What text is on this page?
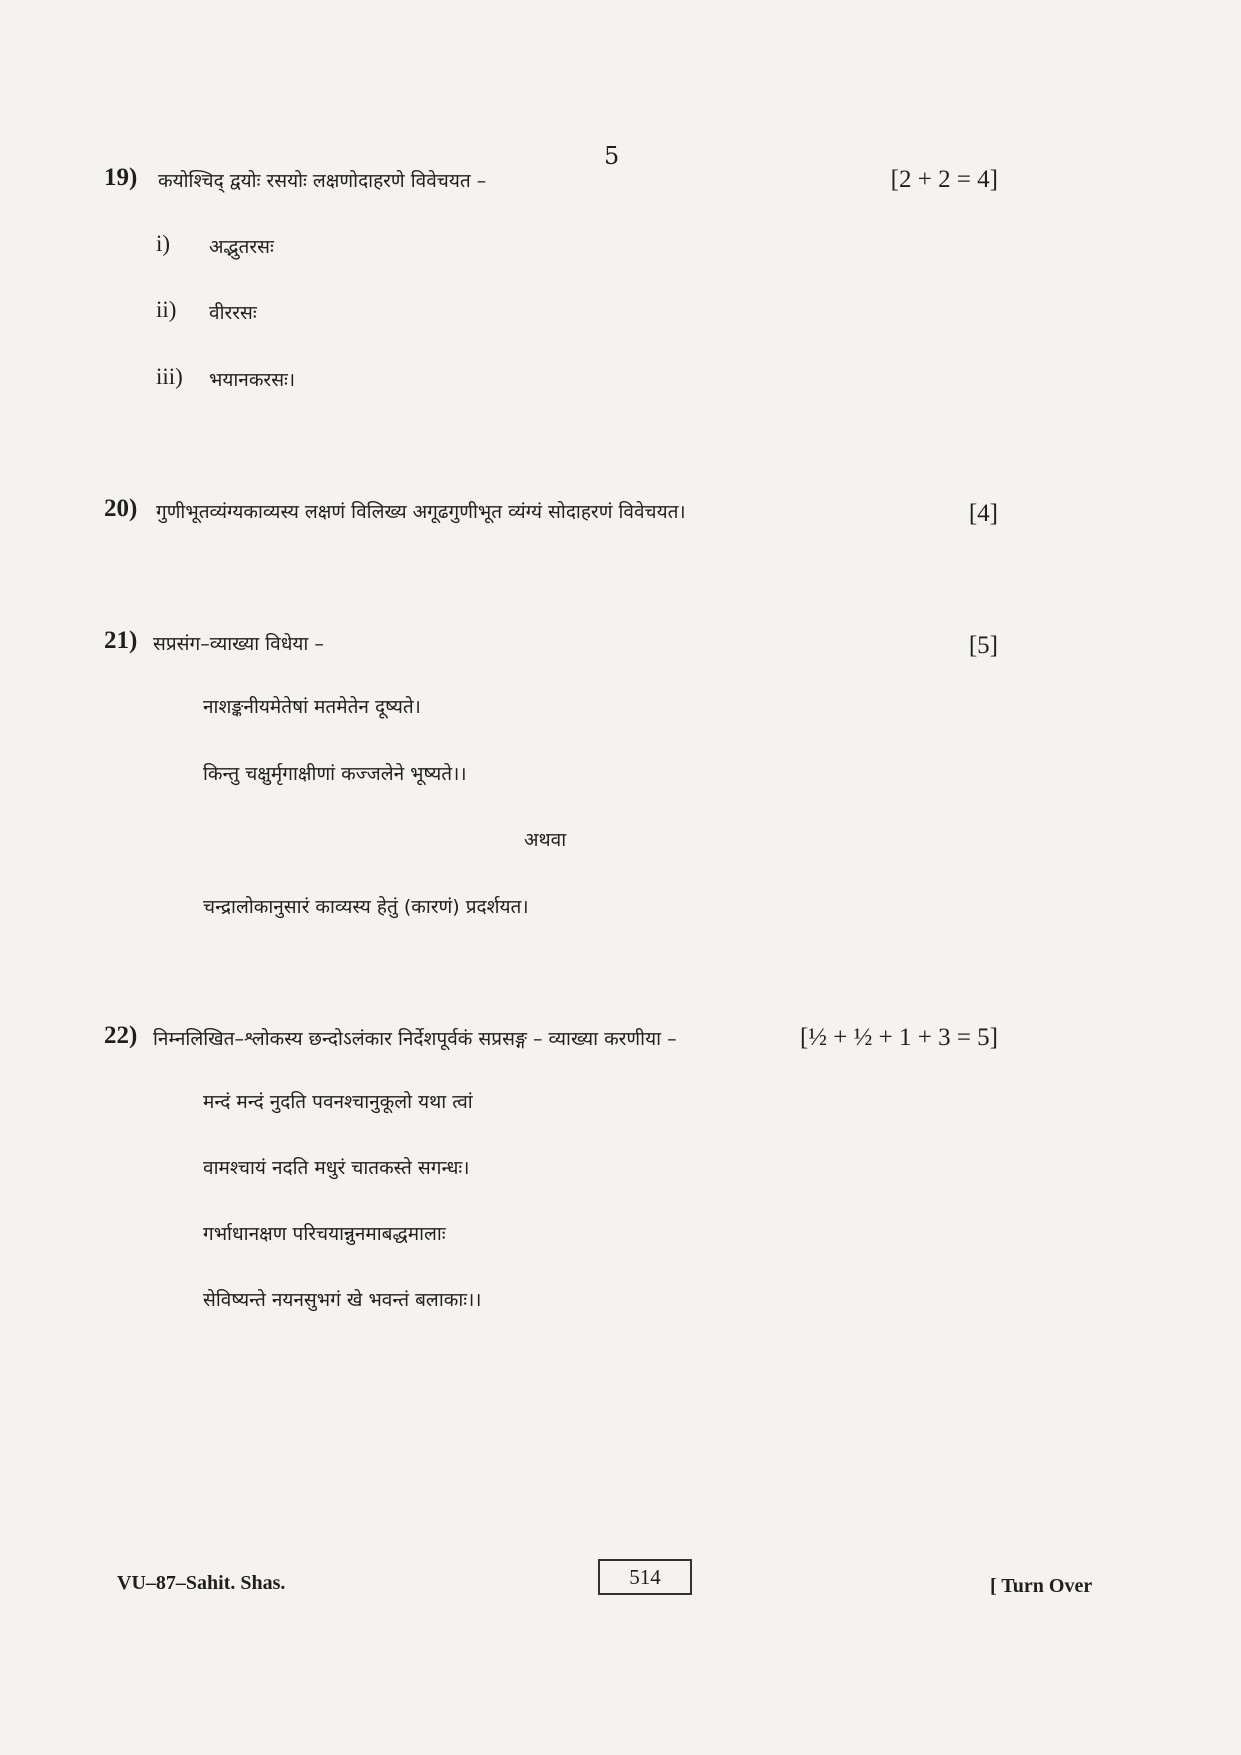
5
19) कयोश्चिद् द्वयोः रसयोः लक्षणोदाहरणे विवेचयत –	[2 + 2 = 4]
i) अद्भुतरसः
ii) वीररसः
iii) भयानकरसः।
20) गुणीभूतव्यंग्यकाव्यस्य लक्षणं विलिख्य अगूढगुणीभूत व्यंग्यं सोदाहरणं विवेचयत।	[4]
21) सप्रसंग–व्याख्या विधेया –	[5]
नाशङ्कनीयमेतेषां मतमेतेन दूष्यते।
किन्तु चक्षुर्मृगाक्षीणां कज्जलेने भूष्यते।।
अथवा
चन्द्रालोकानुसारं काव्यस्य हेतुं (कारणं) प्रदर्शयत।
22) निम्नलिखित–श्लोकस्य छन्दोऽलंकार निर्देशपूर्वकं सप्रसङ्ग – व्याख्या करणीया –	[½ + ½ + 1 + 3 = 5]
मन्दं मन्दं नुदति पवनश्चानुकूलो यथा त्वां
वामश्चायं नदति मधुरं चातकस्ते सगन्धः।
गर्भाधानक्षण परिचयान्नुनमाबद्धमालाः
सेविष्यन्ते नयनसुभगं खे भवन्तं बलाकाः।।
VU–87–Sahit. Shas.	514	[ Turn Over
